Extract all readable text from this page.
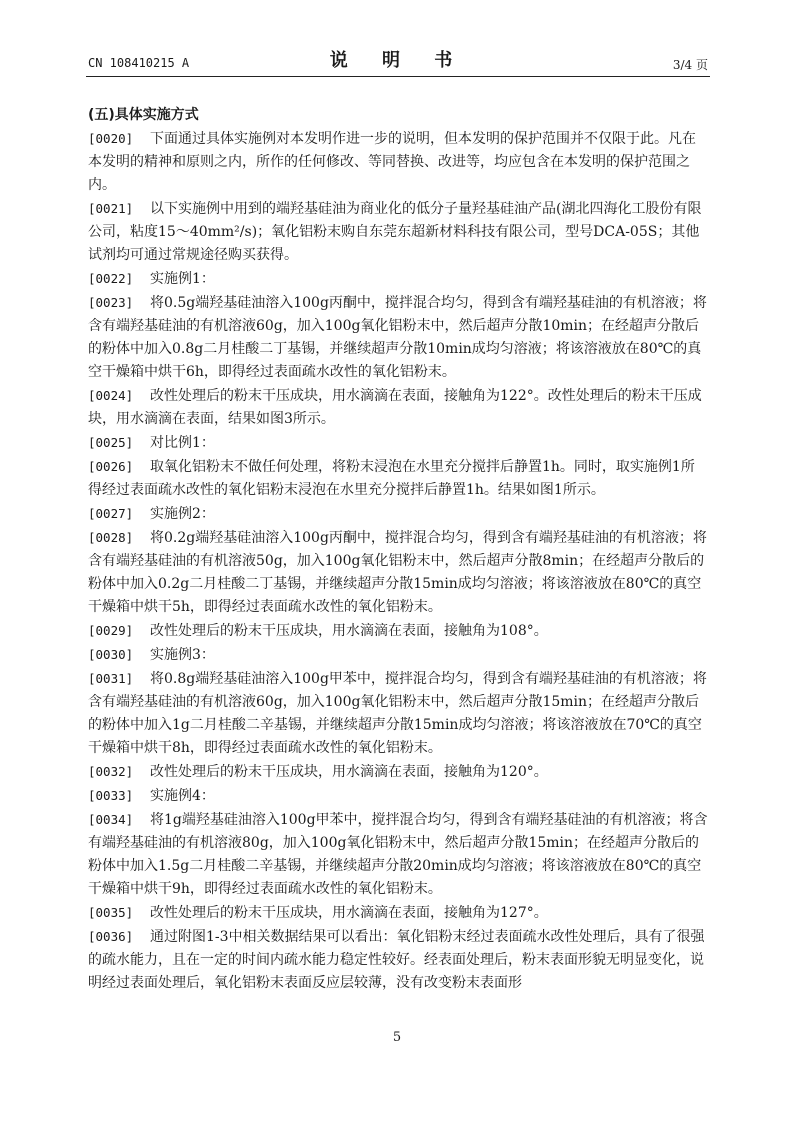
CN 108410215 A	说 明 书	3/4 页
(五)具体实施方式

[0020] 下面通过具体实施例对本发明作进一步的说明，但本发明的保护范围并不仅限于此。凡在本发明的精神和原则之内，所作的任何修改、等同替换、改进等，均应包含在本发明的保护范围之内。

[0021] 以下实施例中用到的端羟基硅油为商业化的低分子量羟基硅油产品(湖北四海化工股份有限公司，粘度15～40mm²/s)；氧化铝粉末购自东莞东超新材料科技有限公司，型号DCA-05S；其他试剂均可通过常规途径购买获得。

[0022] 实施例1：

[0023] 将0.5g端羟基硅油溶入100g丙酮中，搅拌混合均匀，得到含有端羟基硅油的有机溶液；将含有端羟基硅油的有机溶液60g，加入100g氧化铝粉末中，然后超声分散10min；在经超声分散后的粉体中加入0.8g二月桂酸二丁基锡，并继续超声分散10min成均匀溶液；将该溶液放在80℃的真空干燥箱中烘干6h，即得经过表面疏水改性的氧化铝粉末。

[0024] 改性处理后的粉末干压成块，用水滴滴在表面，接触角为122°。改性处理后的粉末干压成块，用水滴滴在表面，结果如图3所示。

[0025] 对比例1：

[0026] 取氧化铝粉末不做任何处理，将粉末浸泡在水里充分搅拌后静置1h。同时，取实施例1所得经过表面疏水改性的氧化铝粉末浸泡在水里充分搅拌后静置1h。结果如图1所示。

[0027] 实施例2：

[0028] 将0.2g端羟基硅油溶入100g丙酮中，搅拌混合均匀，得到含有端羟基硅油的有机溶液；将含有端羟基硅油的有机溶液50g，加入100g氧化铝粉末中，然后超声分散8min；在经超声分散后的粉体中加入0.2g二月桂酸二丁基锡，并继续超声分散15min成均匀溶液；将该溶液放在80℃的真空干燥箱中烘干5h，即得经过表面疏水改性的氧化铝粉末。

[0029] 改性处理后的粉末干压成块，用水滴滴在表面，接触角为108°。

[0030] 实施例3：

[0031] 将0.8g端羟基硅油溶入100g甲苯中，搅拌混合均匀，得到含有端羟基硅油的有机溶液；将含有端羟基硅油的有机溶液60g，加入100g氧化铝粉末中，然后超声分散15min；在经超声分散后的粉体中加入1g二月桂酸二辛基锡，并继续超声分散15min成均匀溶液；将该溶液放在70℃的真空干燥箱中烘干8h，即得经过表面疏水改性的氧化铝粉末。

[0032] 改性处理后的粉末干压成块，用水滴滴在表面，接触角为120°。

[0033] 实施例4：

[0034] 将1g端羟基硅油溶入100g甲苯中，搅拌混合均匀，得到含有端羟基硅油的有机溶液；将含有端羟基硅油的有机溶液80g，加入100g氧化铝粉末中，然后超声分散15min；在经超声分散后的粉体中加入1.5g二月桂酸二辛基锡，并继续超声分散20min成均匀溶液；将该溶液放在80℃的真空干燥箱中烘干9h，即得经过表面疏水改性的氧化铝粉末。

[0035] 改性处理后的粉末干压成块，用水滴滴在表面，接触角为127°。

[0036] 通过附图1-3中相关数据结果可以看出：氧化铝粉末经过表面疏水改性处理后，具有了很强的疏水能力，且在一定的时间内疏水能力稳定性较好。经表面处理后，粉末表面形貌无明显变化，说明经过表面处理后，氧化铝粉末表面反应层较薄，没有改变粉末表面形

5
